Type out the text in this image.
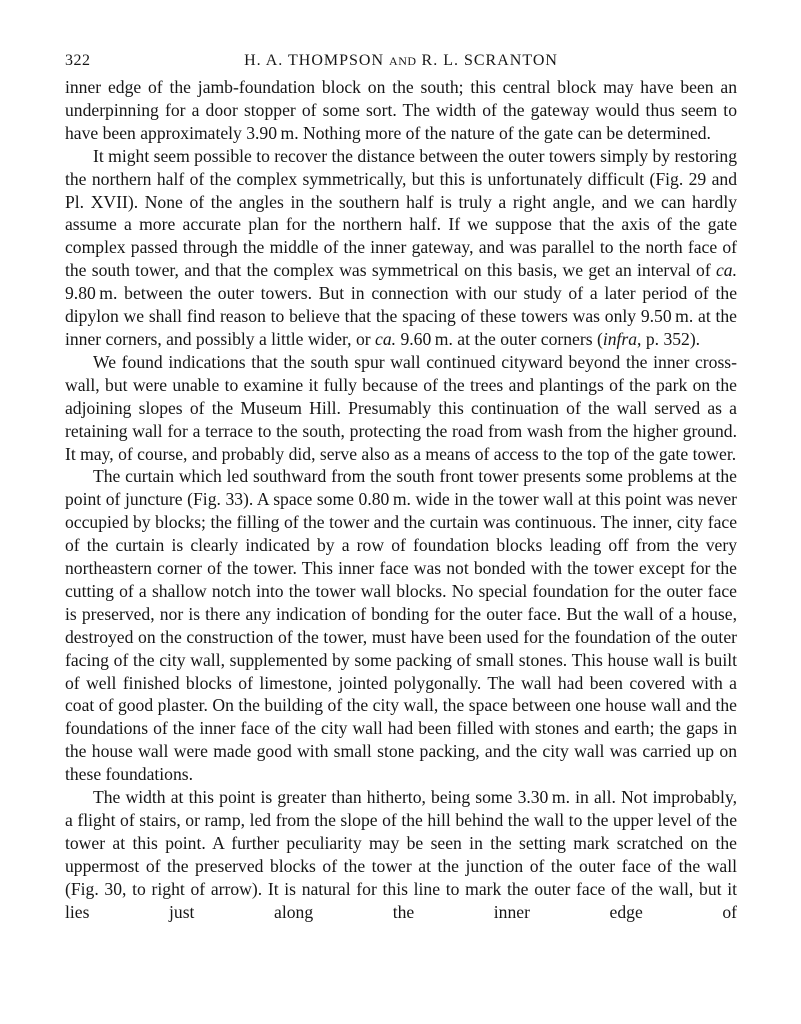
322	H. A. THOMPSON AND R. L. SCRANTON

inner edge of the jamb-foundation block on the south; this central block may have been an underpinning for a door stopper of some sort. The width of the gateway would thus seem to have been approximately 3.90 m. Nothing more of the nature of the gate can be determined.

It might seem possible to recover the distance between the outer towers simply by restoring the northern half of the complex symmetrically, but this is unfortunately difficult (Fig. 29 and Pl. XVII). None of the angles in the southern half is truly a right angle, and we can hardly assume a more accurate plan for the northern half. If we suppose that the axis of the gate complex passed through the middle of the inner gateway, and was parallel to the north face of the south tower, and that the complex was symmetrical on this basis, we get an interval of ca. 9.80 m. between the outer towers. But in connection with our study of a later period of the dipylon we shall find reason to believe that the spacing of these towers was only 9.50 m. at the inner corners, and possibly a little wider, or ca. 9.60 m. at the outer corners (infra, p. 352).

We found indications that the south spur wall continued cityward beyond the inner cross-wall, but were unable to examine it fully because of the trees and plantings of the park on the adjoining slopes of the Museum Hill. Presumably this continuation of the wall served as a retaining wall for a terrace to the south, protecting the road from wash from the higher ground. It may, of course, and probably did, serve also as a means of access to the top of the gate tower.

The curtain which led southward from the south front tower presents some problems at the point of juncture (Fig. 33). A space some 0.80 m. wide in the tower wall at this point was never occupied by blocks; the filling of the tower and the curtain was continuous. The inner, city face of the curtain is clearly indicated by a row of foundation blocks leading off from the very northeastern corner of the tower. This inner face was not bonded with the tower except for the cutting of a shallow notch into the tower wall blocks. No special foundation for the outer face is preserved, nor is there any indication of bonding for the outer face. But the wall of a house, destroyed on the construction of the tower, must have been used for the foundation of the outer facing of the city wall, supplemented by some packing of small stones. This house wall is built of well finished blocks of limestone, jointed polygonally. The wall had been covered with a coat of good plaster. On the building of the city wall, the space between one house wall and the foundations of the inner face of the city wall had been filled with stones and earth; the gaps in the house wall were made good with small stone packing, and the city wall was carried up on these foundations.

The width at this point is greater than hitherto, being some 3.30 m. in all. Not improbably, a flight of stairs, or ramp, led from the slope of the hill behind the wall to the upper level of the tower at this point. A further peculiarity may be seen in the setting mark scratched on the uppermost of the preserved blocks of the tower at the junction of the outer face of the wall (Fig. 30, to right of arrow). It is natural for this line to mark the outer face of the wall, but it lies just along the inner edge of
